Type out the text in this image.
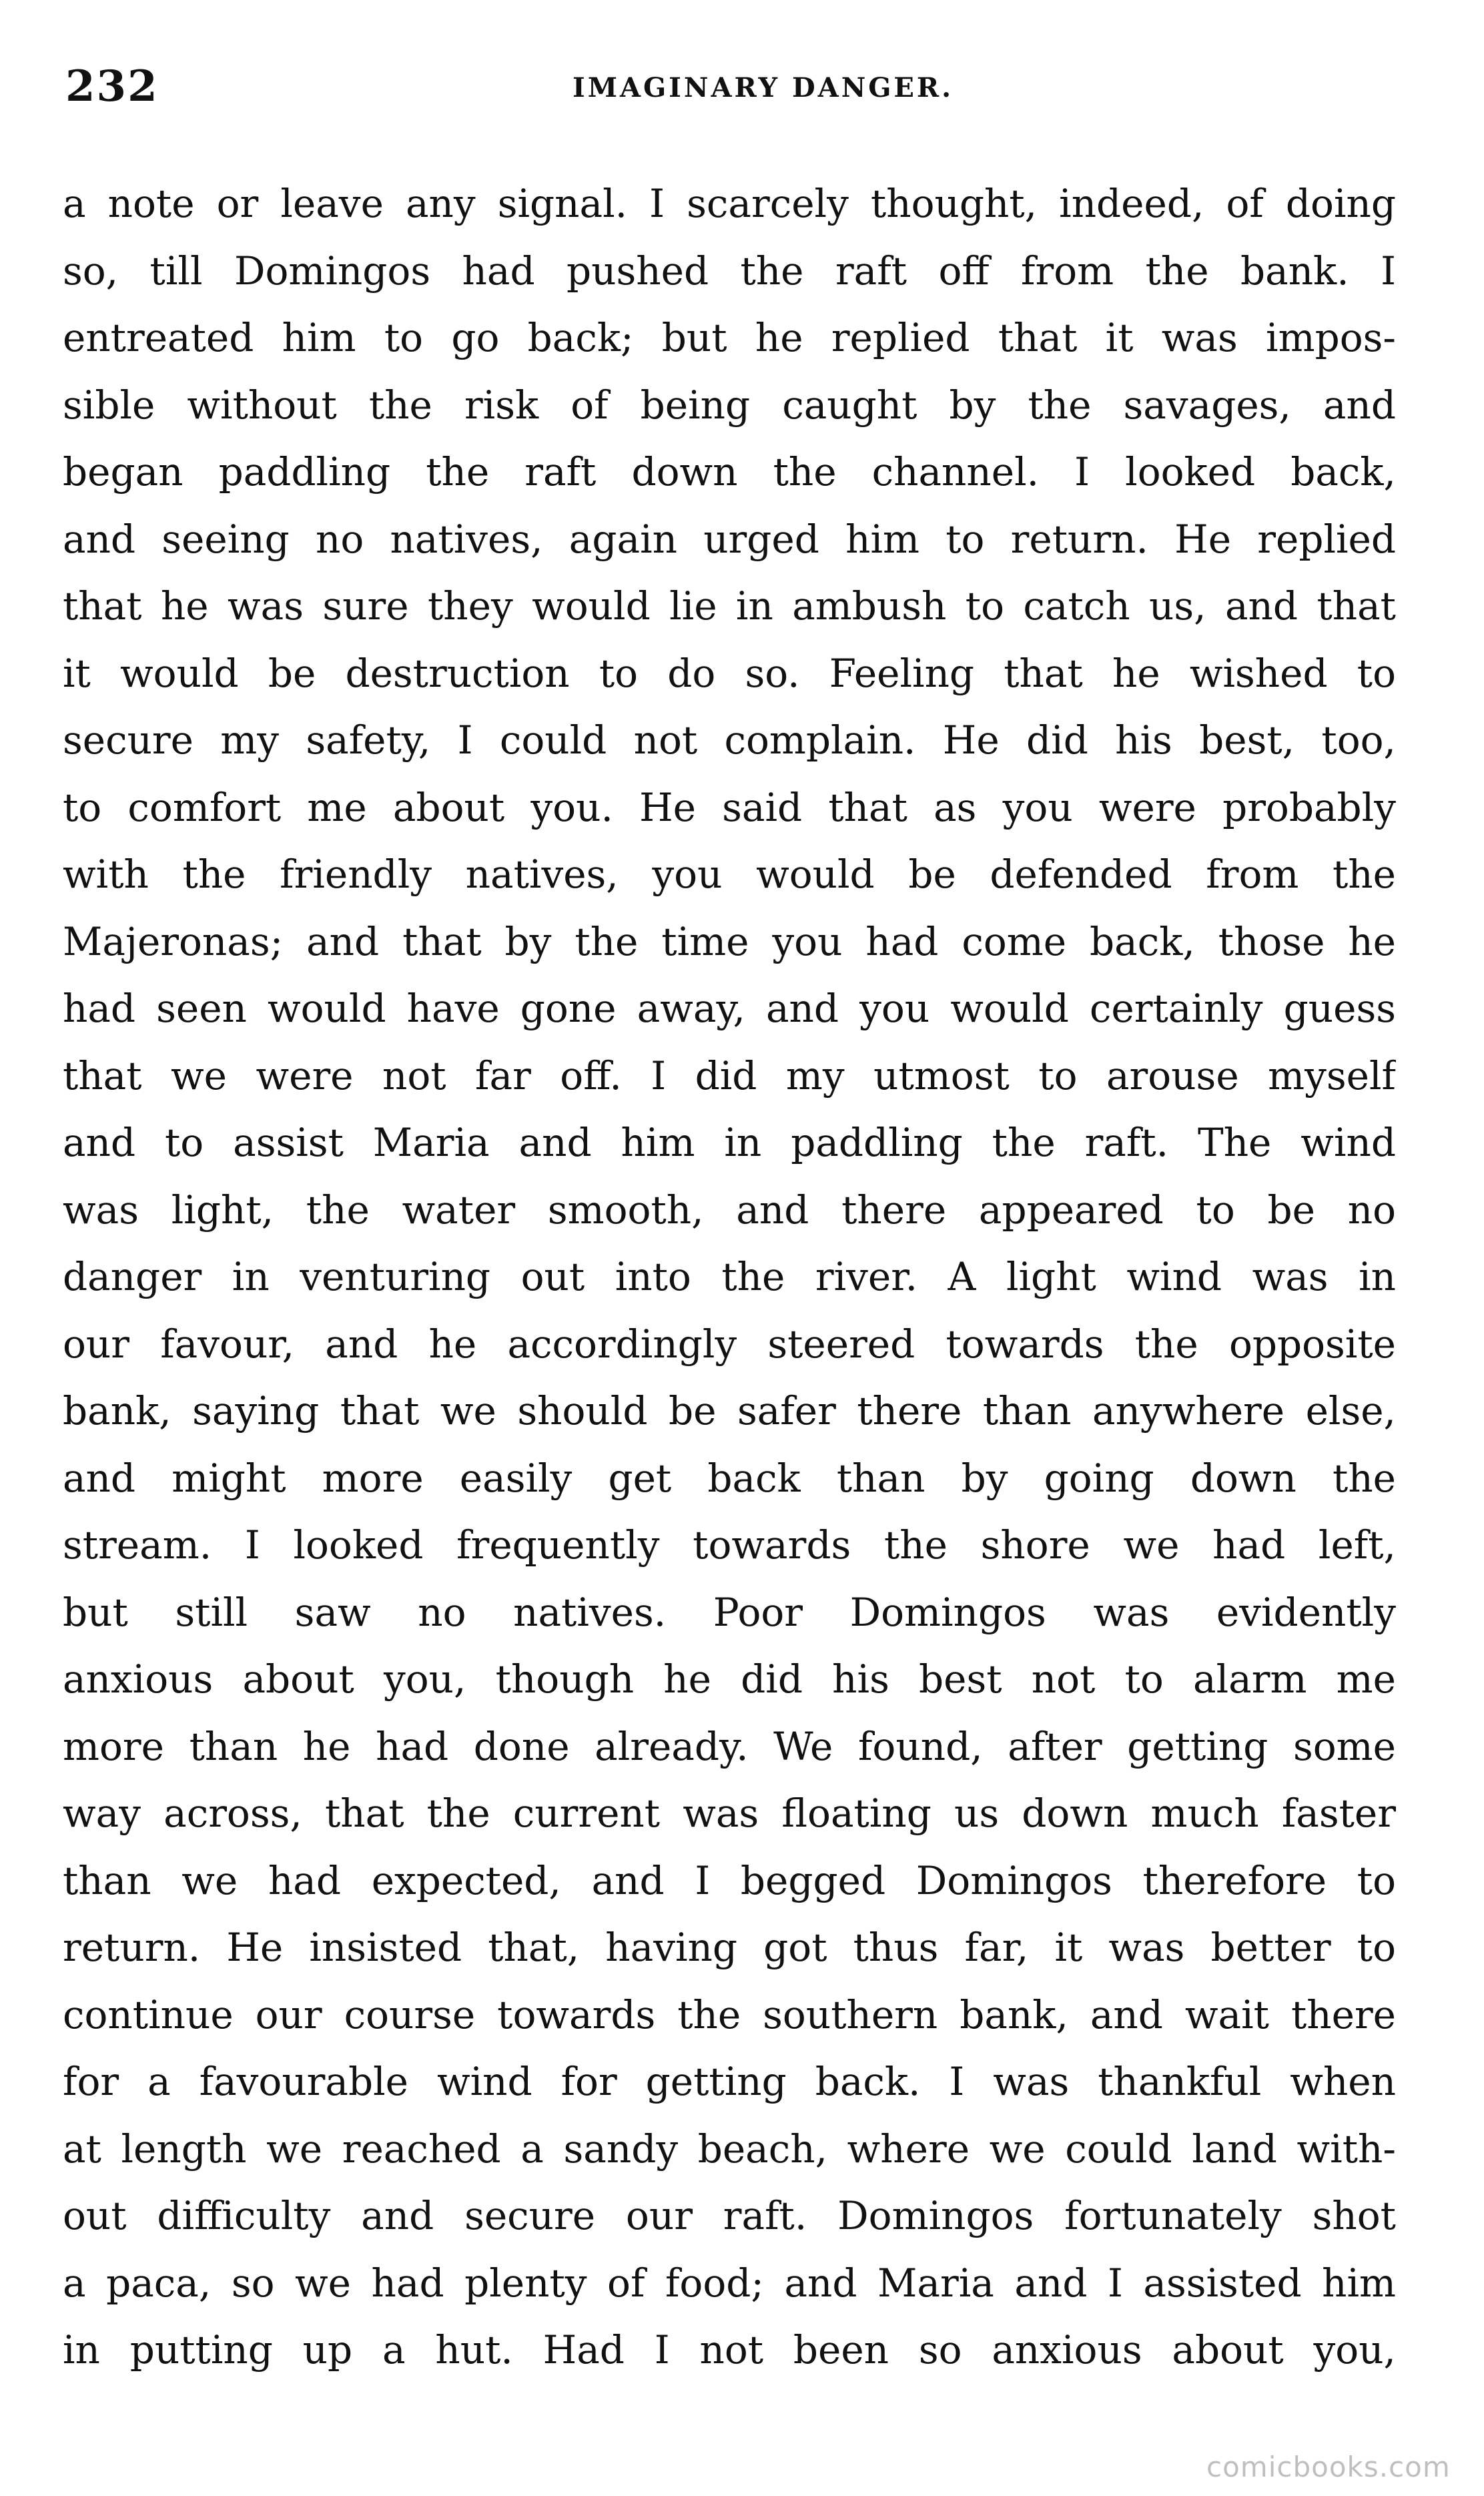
232	IMAGINARY DANGER.
a note or leave any signal. I scarcely thought, indeed, of doing
so, till Domingos had pushed the raft off from the bank. I
entreated him to go back; but he replied that it was impos-
sible without the risk of being caught by the savages, and
began paddling the raft down the channel. I looked back,
and seeing no natives, again urged him to return. He replied
that he was sure they would lie in ambush to catch us, and that
it would be destruction to do so. Feeling that he wished to
secure my safety, I could not complain. He did his best, too,
to comfort me about you. He said that as you were probably
with the friendly natives, you would be defended from the
Majeronas; and that by the time you had come back, those he
had seen would have gone away, and you would certainly guess
that we were not far off. I did my utmost to arouse myself
and to assist Maria and him in paddling the raft. The wind
was light, the water smooth, and there appeared to be no
danger in venturing out into the river. A light wind was in
our favour, and he accordingly steered towards the opposite
bank, saying that we should be safer there than anywhere else,
and might more easily get back than by going down the
stream. I looked frequently towards the shore we had left,
but still saw no natives. Poor Domingos was evidently
anxious about you, though he did his best not to alarm me
more than he had done already. We found, after getting some
way across, that the current was floating us down much faster
than we had expected, and I begged Domingos therefore to
return. He insisted that, having got thus far, it was better to
continue our course towards the southern bank, and wait there
for a favourable wind for getting back. I was thankful when
at length we reached a sandy beach, where we could land with-
out difficulty and secure our raft. Domingos fortunately shot
a paca, so we had plenty of food; and Maria and I assisted him
in putting up a hut. Had I not been so anxious about you,
comicbooks.com
